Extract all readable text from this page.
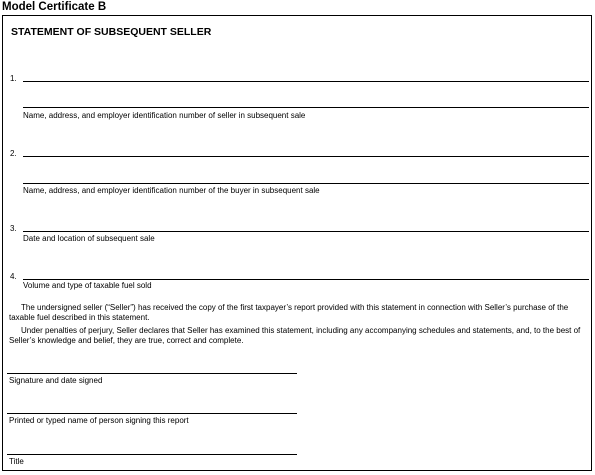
Model Certificate B
STATEMENT OF SUBSEQUENT SELLER
1.
Name, address, and employer identification number of seller in subsequent sale
2.
Name, address, and employer identification number of the buyer in subsequent sale
3.
Date and location of subsequent sale
4.
Volume and type of taxable fuel sold

The undersigned seller (“Seller”) has received the copy of the first taxpayer’s report provided with this statement in connection with Seller’s purchase of the taxable fuel described in this statement.

Under penalties of perjury, Seller declares that Seller has examined this statement, including any accompanying schedules and statements, and, to the best of Seller’s knowledge and belief, they are true, correct and complete.

Signature and date signed
Printed or typed name of person signing this report
Title
